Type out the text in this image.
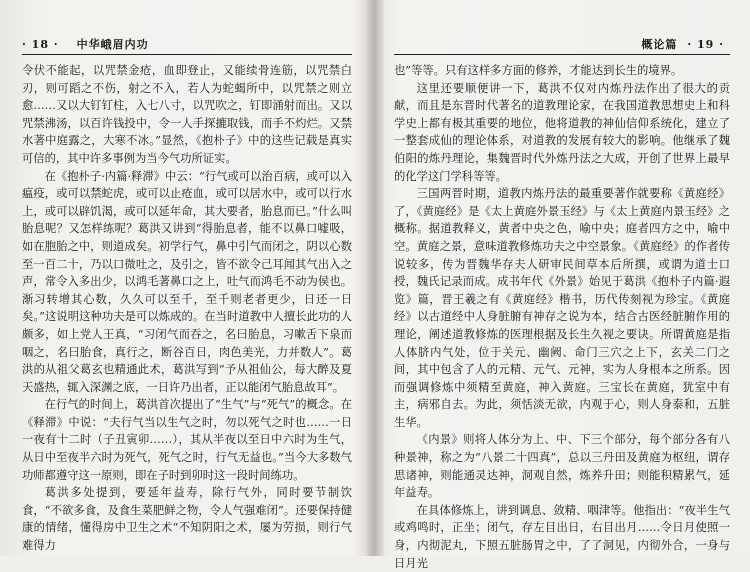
· 18 · 中华峨眉内功

令伏不能起，以咒禁金疮，血即登止，又能续骨连筋，以咒禁白刃，则可蹈之不伤，射之不入，若人为蛇蝎所中，以咒禁之则立愈……又以大钉钉柱，入七八寸，以咒吹之，钉即涌射而出。又以咒禁沸汤，以百许钱投中，令一人手探摝取钱，而手不灼烂。又禁水著中庭露之，大寒不冰。”显然，《抱朴子》中的这些记载是真实可信的，其中许多事例为当今气功所证实。

在《抱朴子·内篇·释滞》中云：“行气或可以治百病，或可以入瘟疫，或可以禁蛇虎，或可以止疮血，或可以居水中，或可以行水上，或可以辟饥渴，或可以延年命，其大要者，胎息而已。”什么叫胎息呢？又怎样练呢？葛洪又讲到“得胎息者，能不以鼻口嘘吸，如在胞胎之中，则道成矣。初学行气，鼻中引气而闭之，阴以心数至一百二十，乃以口微吐之，及引之，皆不欲令己耳闻其气出入之声，常令入多出少，以鸿毛著鼻口之上，吐气而鸿毛不动为侯也。渐习转增其心数，久久可以至千，至千则老者更少，日还一日矣。”这说明这种功夫是可以炼成的。在当时道教中人擅长此功的人颇多，如上党人王真，“习闭气而吞之，名曰胎息，习嗽舌下泉而咽之，名曰胎食，真行之，断谷百日，肉色美光，力并数人”。葛洪的从祖父葛玄也精通此术，葛洪写到“予从祖仙公，每大醉及夏天盛热，辄入深渊之底，一日许乃出者，正以能闭气胎息故耳”。

在行气的时间上，葛洪首次提出了“生气”与“死气”的概念。在《释滞》中说：“夫行气当以生气之时，勿以死气之时也……一日一夜有十二时（子丑寅卯……），其从半夜以至日中六时为生气，从日中至夜半六时为死气，死气之时，行气无益也。”当今大多数气功师都遵守这一原则，即在子时到卯时这一段时间练功。

葛洪多处提到，要延年益寿，除行气外，同时要节制饮食，“不欲多食，及食生菜肥鲜之物，令人气强难闭”。还要保持健康的情绪，懂得房中卫生之术“不知阴阳之术，屡为劳损，则行气难得力

概论篇 · 19 ·

也”等等。只有这样多方面的修养，才能达到长生的境界。

这里还要顺便讲一下，葛洪不仅对内炼丹法作出了很大的贡献，而且是东晋时代著名的道教理论家，在我国道教思想史上和科学史上都有极其重要的地位，他将道教的神仙信仰系统化，建立了一整套成仙的理论体系，对道教的发展有较大的影响。他继承了魏伯阳的炼丹理论，集魏晋时代外炼丹法之大成，开创了世界上最早的化学这门学科等等。

三国两晋时期，道教内炼丹法的最重要著作就要称《黄庭经》了，《黄庭经》是《太上黄庭外景玉经》与《太上黄庭内景玉经》之概称。据道教释义，黄者中央之色，喻中央；庭者四方之中，喻中空。黄庭之景，意味道教修炼功夫之中空景象。《黄庭经》的作者传说较多，传为晋魏华存夫人研审民间草本后所撰，或谓为道士口授，魏氏记录而成。成书年代《外景》始见于葛洪《抱朴子内篇·遐览》篇，晋王羲之有《黄庭经》楷书，历代传刻视为珍宝。《黄庭经》以古道经中人身脏腑有神存之说为本，结合古医经脏腑作用的理论，阐述道教修炼的医理根据及长生久视之要诀。所谓黄庭是指人体脐内气处，位于关元、幽阙、命门三穴之上下，玄关二门之间，其中包含了人的元精、元气、元神，实为人身根本之所系。因而强调修炼中须精至黄庭，神入黄庭。三宝长在黄庭，犹室中有主，病邪自去。为此，须恬淡无欲，内观于心，则人身泰和，五脏生华。

《内景》则将人体分为上、中、下三个部分，每个部分各有八种景神，称之为“八景二十四真”，总以三丹田及黄庭为枢纽，谓存思诸神，则能通灵达神，洞观自然，炼养升田；则能积精累气，延年益寿。

在具体修炼上，讲到调息、敛精、咽津等。他指出：“夜半生气或鸡鸣时，正坐；闭气，存左目出日，右目出月……令日月使照一身，内彻泥丸，下照五脏肠胃之中，了了洞见，内彻外合，一身与日月光
